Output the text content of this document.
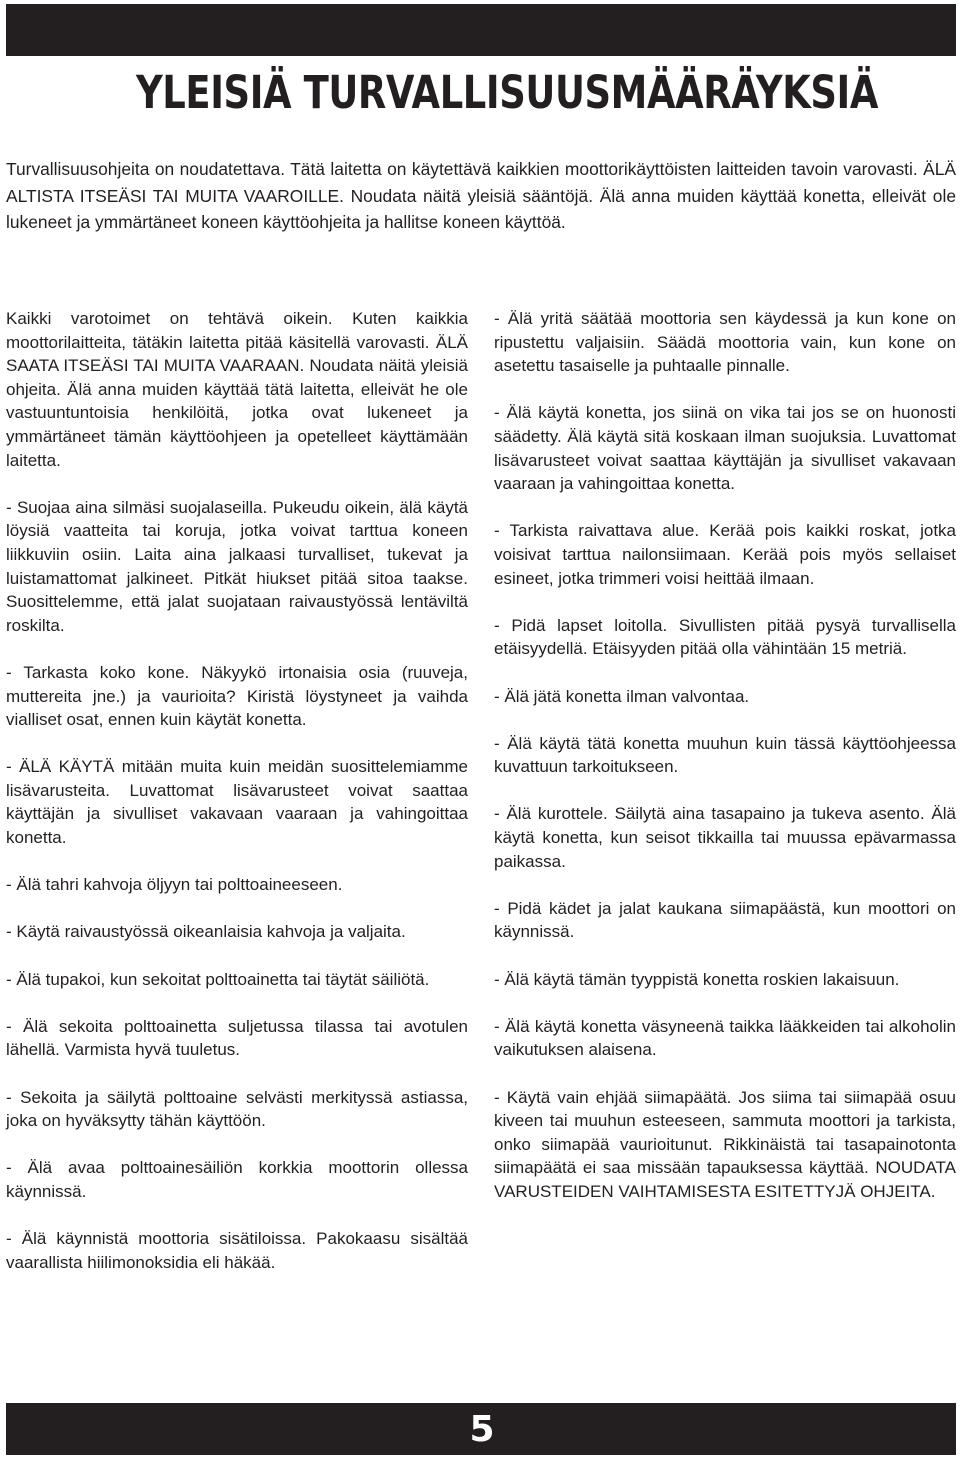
YLEISIÄ TURVALLISUUSMÄÄRÄYKSIÄ

Turvallisuusohjeita on noudatettava. Tätä laitetta on käytettävä kaikkien moottorikäyttöisten laitteiden tavoin varovasti. ÄLÄ ALTISTA ITSEÄSI TAI MUITA VAAROILLE. Noudata näitä yleisiä sääntöjä. Älä anna muiden käyttää konetta, elleivät ole lukeneet ja ymmärtäneet koneen käyttöohjeita ja hallitse koneen käyttöä.

Kaikki varotoimet on tehtävä oikein. Kuten kaikkia moottorilaitteita, tätäkin laitetta pitää käsitellä varovasti. ÄLÄ SAATA ITSEÄSI TAI MUITA VAARAAN. Noudata näitä yleisiä ohjeita. Älä anna muiden käyttää tätä laitetta, elleivät he ole vastuuntuntoisia henkilöitä, jotka ovat lukeneet ja ymmärtäneet tämän käyttöohjeen ja opetelleet käyttämään laitetta.

- Suojaa aina silmäsi suojalaseilla. Pukeudu oikein, älä käytä löysiä vaatteita tai koruja, jotka voivat tarttua koneen liikkuviin osiin. Laita aina jalkaasi turvalliset, tukevat ja luistamattomat jalkineet. Pitkät hiukset pitää sitoa taakse. Suosittelemme, että jalat suojataan raivaustyössä lentäviltä roskilta.

- Tarkasta koko kone. Näkyykö irtonaisia osia (ruuveja, muttereita jne.) ja vaurioita? Kiristä löystyneet ja vaihda vialliset osat, ennen kuin käytät konetta.

- ÄLÄ KÄYTÄ mitään muita kuin meidän suosittelemiamme lisävarusteita. Luvattomat lisävarusteet voivat saattaa käyttäjän ja sivulliset vakavaan vaaraan ja vahingoittaa konetta.

- Älä tahri kahvoja öljyyn tai polttoaineeseen.

- Käytä raivaustyössä oikeanlaisia kahvoja ja valjaita.

- Älä tupakoi, kun sekoitat polttoainetta tai täytät säiliötä.

- Älä sekoita polttoainetta suljetussa tilassa tai avotulen lähellä. Varmista hyvä tuuletus.

- Sekoita ja säilytä polttoaine selvästi merkityssä astiassa, joka on hyväksytty tähän käyttöön.

- Älä avaa polttoainesäiliön korkkia moottorin ollessa käynnissä.

- Älä käynnistä moottoria sisätiloissa. Pakokaasu sisältää vaarallista hiilimonoksidia eli häkää.

- Älä yritä säätää moottoria sen käydessä ja kun kone on ripustettu valjaisiin. Säädä moottoria vain, kun kone on asetettu tasaiselle ja puhtaalle pinnalle.

- Älä käytä konetta, jos siinä on vika tai jos se on huonosti säädetty. Älä käytä sitä koskaan ilman suojuksia. Luvattomat lisävarusteet voivat saattaa käyttäjän ja sivulliset vakavaan vaaraan ja vahingoittaa konetta.

- Tarkista raivattava alue. Kerää pois kaikki roskat, jotka voisivat tarttua nailonsiimaan. Kerää pois myös sellaiset esineet, jotka trimmeri voisi heittää ilmaan.

- Pidä lapset loitolla. Sivullisten pitää pysyä turvallisella etäisyydellä. Etäisyyden pitää olla vähintään 15 metriä.

- Älä jätä konetta ilman valvontaa.

- Älä käytä tätä konetta muuhun kuin tässä käyttöohjeessa kuvattuun tarkoitukseen.

- Älä kurottele. Säilytä aina tasapaino ja tukeva asento. Älä käytä konetta, kun seisot tikkailla tai muussa epävarmassa paikassa.

- Pidä kädet ja jalat kaukana siimapäästä, kun moottori on käynnissä.

- Älä käytä tämän tyyppistä konetta roskien lakaisuun.

- Älä käytä konetta väsyneenä taikka lääkkeiden tai alkoholin vaikutuksen alaisena.

- Käytä vain ehjää siimapäätä. Jos siima tai siimapää osuu kiveen tai muuhun esteeseen, sammuta moottori ja tarkista, onko siimapää vaurioitunut. Rikkinäistä tai tasapainotonta siimapäätä ei saa missään tapauksessa käyttää. NOUDATA VARUSTEIDEN VAIHTAMISESTA ESITETTYJÄ OHJEITA.

5
